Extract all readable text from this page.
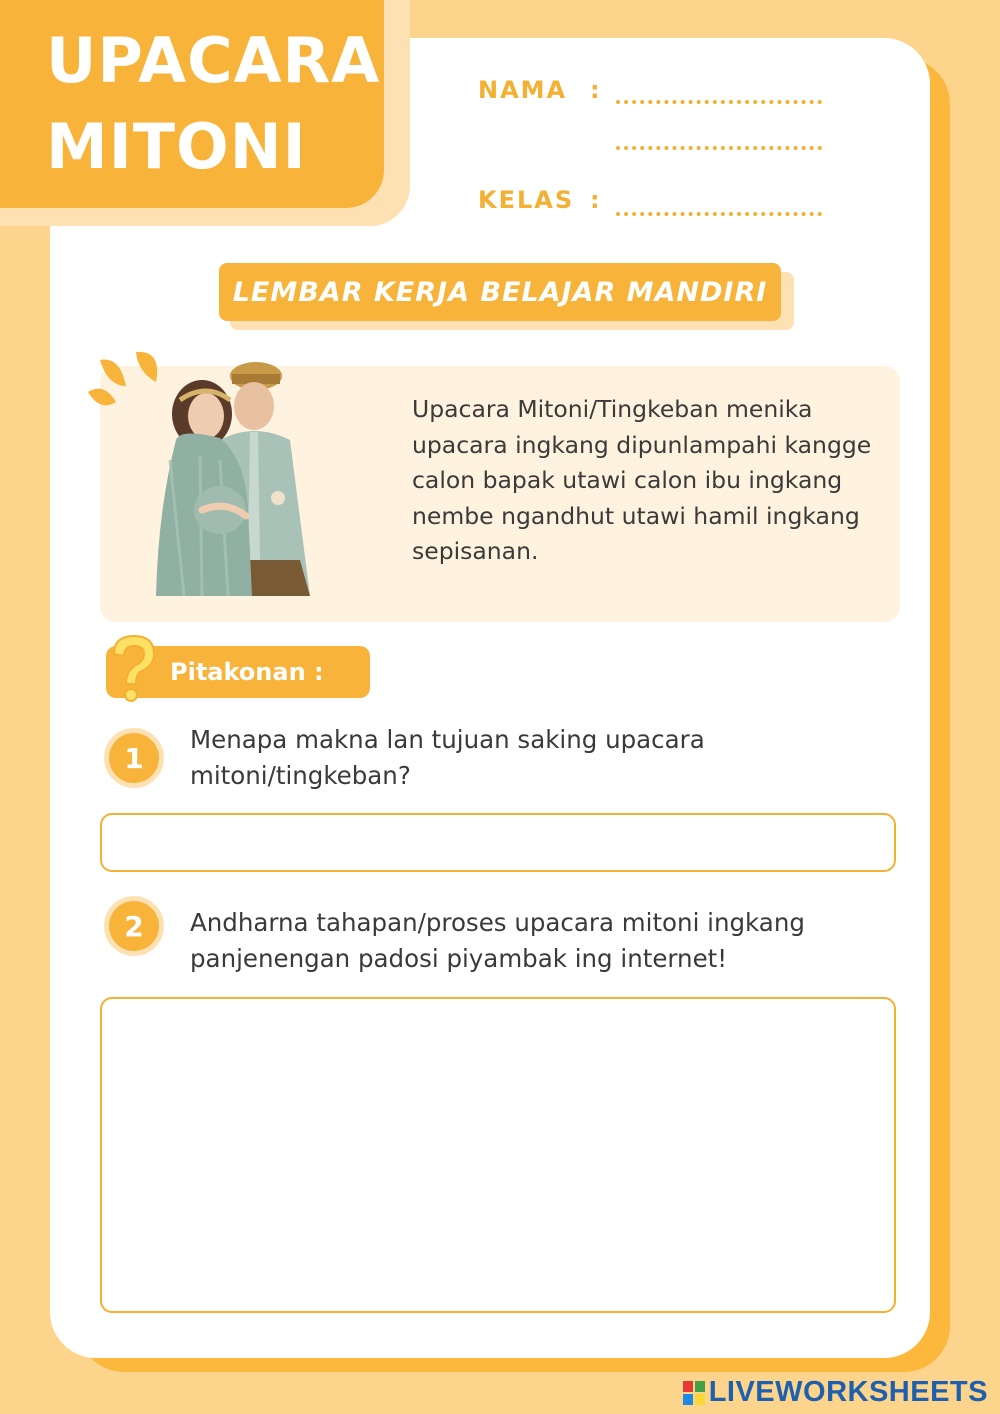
UPACARA
MITONI
NAMA :
KELAS :
LEMBAR KERJA BELAJAR MANDIRI
Upacara Mitoni/Tingkeban menika upacara ingkang dipunlampahi kangge calon bapak utawi calon ibu ingkang nembe ngandhut utawi hamil ingkang sepisanan.
Pitakonan :
1
Menapa makna lan tujuan saking upacara mitoni/tingkeban?
2	Andharna tahapan/proses upacara mitoni ingkang panjenengan padosi piyambak ing internet!
LIVEWORKSHEETS
